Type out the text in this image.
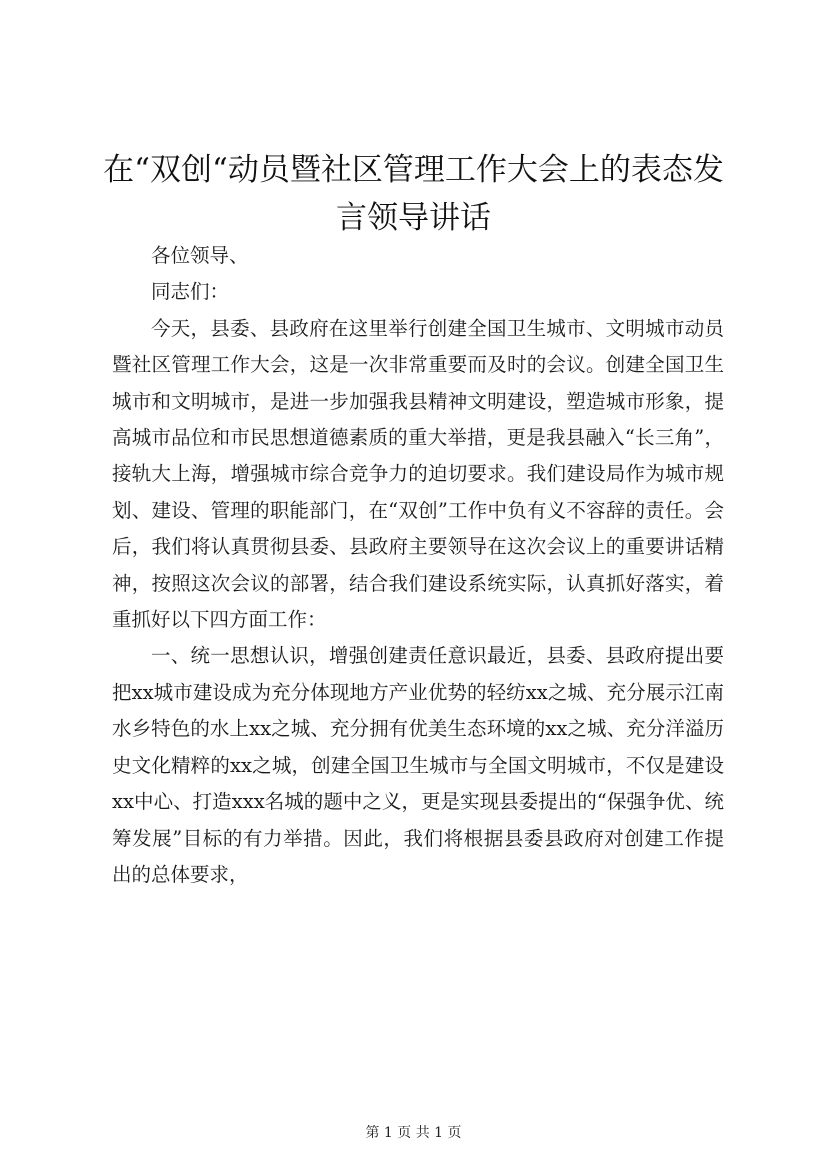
在“双创“动员暨社区管理工作大会上的表态发言领导讲话

各位领导、

同志们：

今天，县委、县政府在这里举行创建全国卫生城市、文明城市动员暨社区管理工作大会，这是一次非常重要而及时的会议。创建全国卫生城市和文明城市，是进一步加强我县精神文明建设，塑造城市形象，提高城市品位和市民思想道德素质的重大举措，更是我县融入“长三角”，接轨大上海，增强城市综合竞争力的迫切要求。我们建设局作为城市规划、建设、管理的职能部门，在“双创”工作中负有义不容辞的责任。会后，我们将认真贯彻县委、县政府主要领导在这次会议上的重要讲话精神，按照这次会议的部署，结合我们建设系统实际，认真抓好落实，着重抓好以下四方面工作：

一、统一思想认识，增强创建责任意识最近，县委、县政府提出要把xx城市建设成为充分体现地方产业优势的轻纺xx之城、充分展示江南水乡特色的水上xx之城、充分拥有优美生态环境的xx之城、充分洋溢历史文化精粹的xx之城，创建全国卫生城市与全国文明城市，不仅是建设xx中心、打造xxx名城的题中之义，更是实现县委提出的“保强争优、统筹发展”目标的有力举措。因此，我们将根据县委县政府对创建工作提出的总体要求，

第 1 页 共 1 页
